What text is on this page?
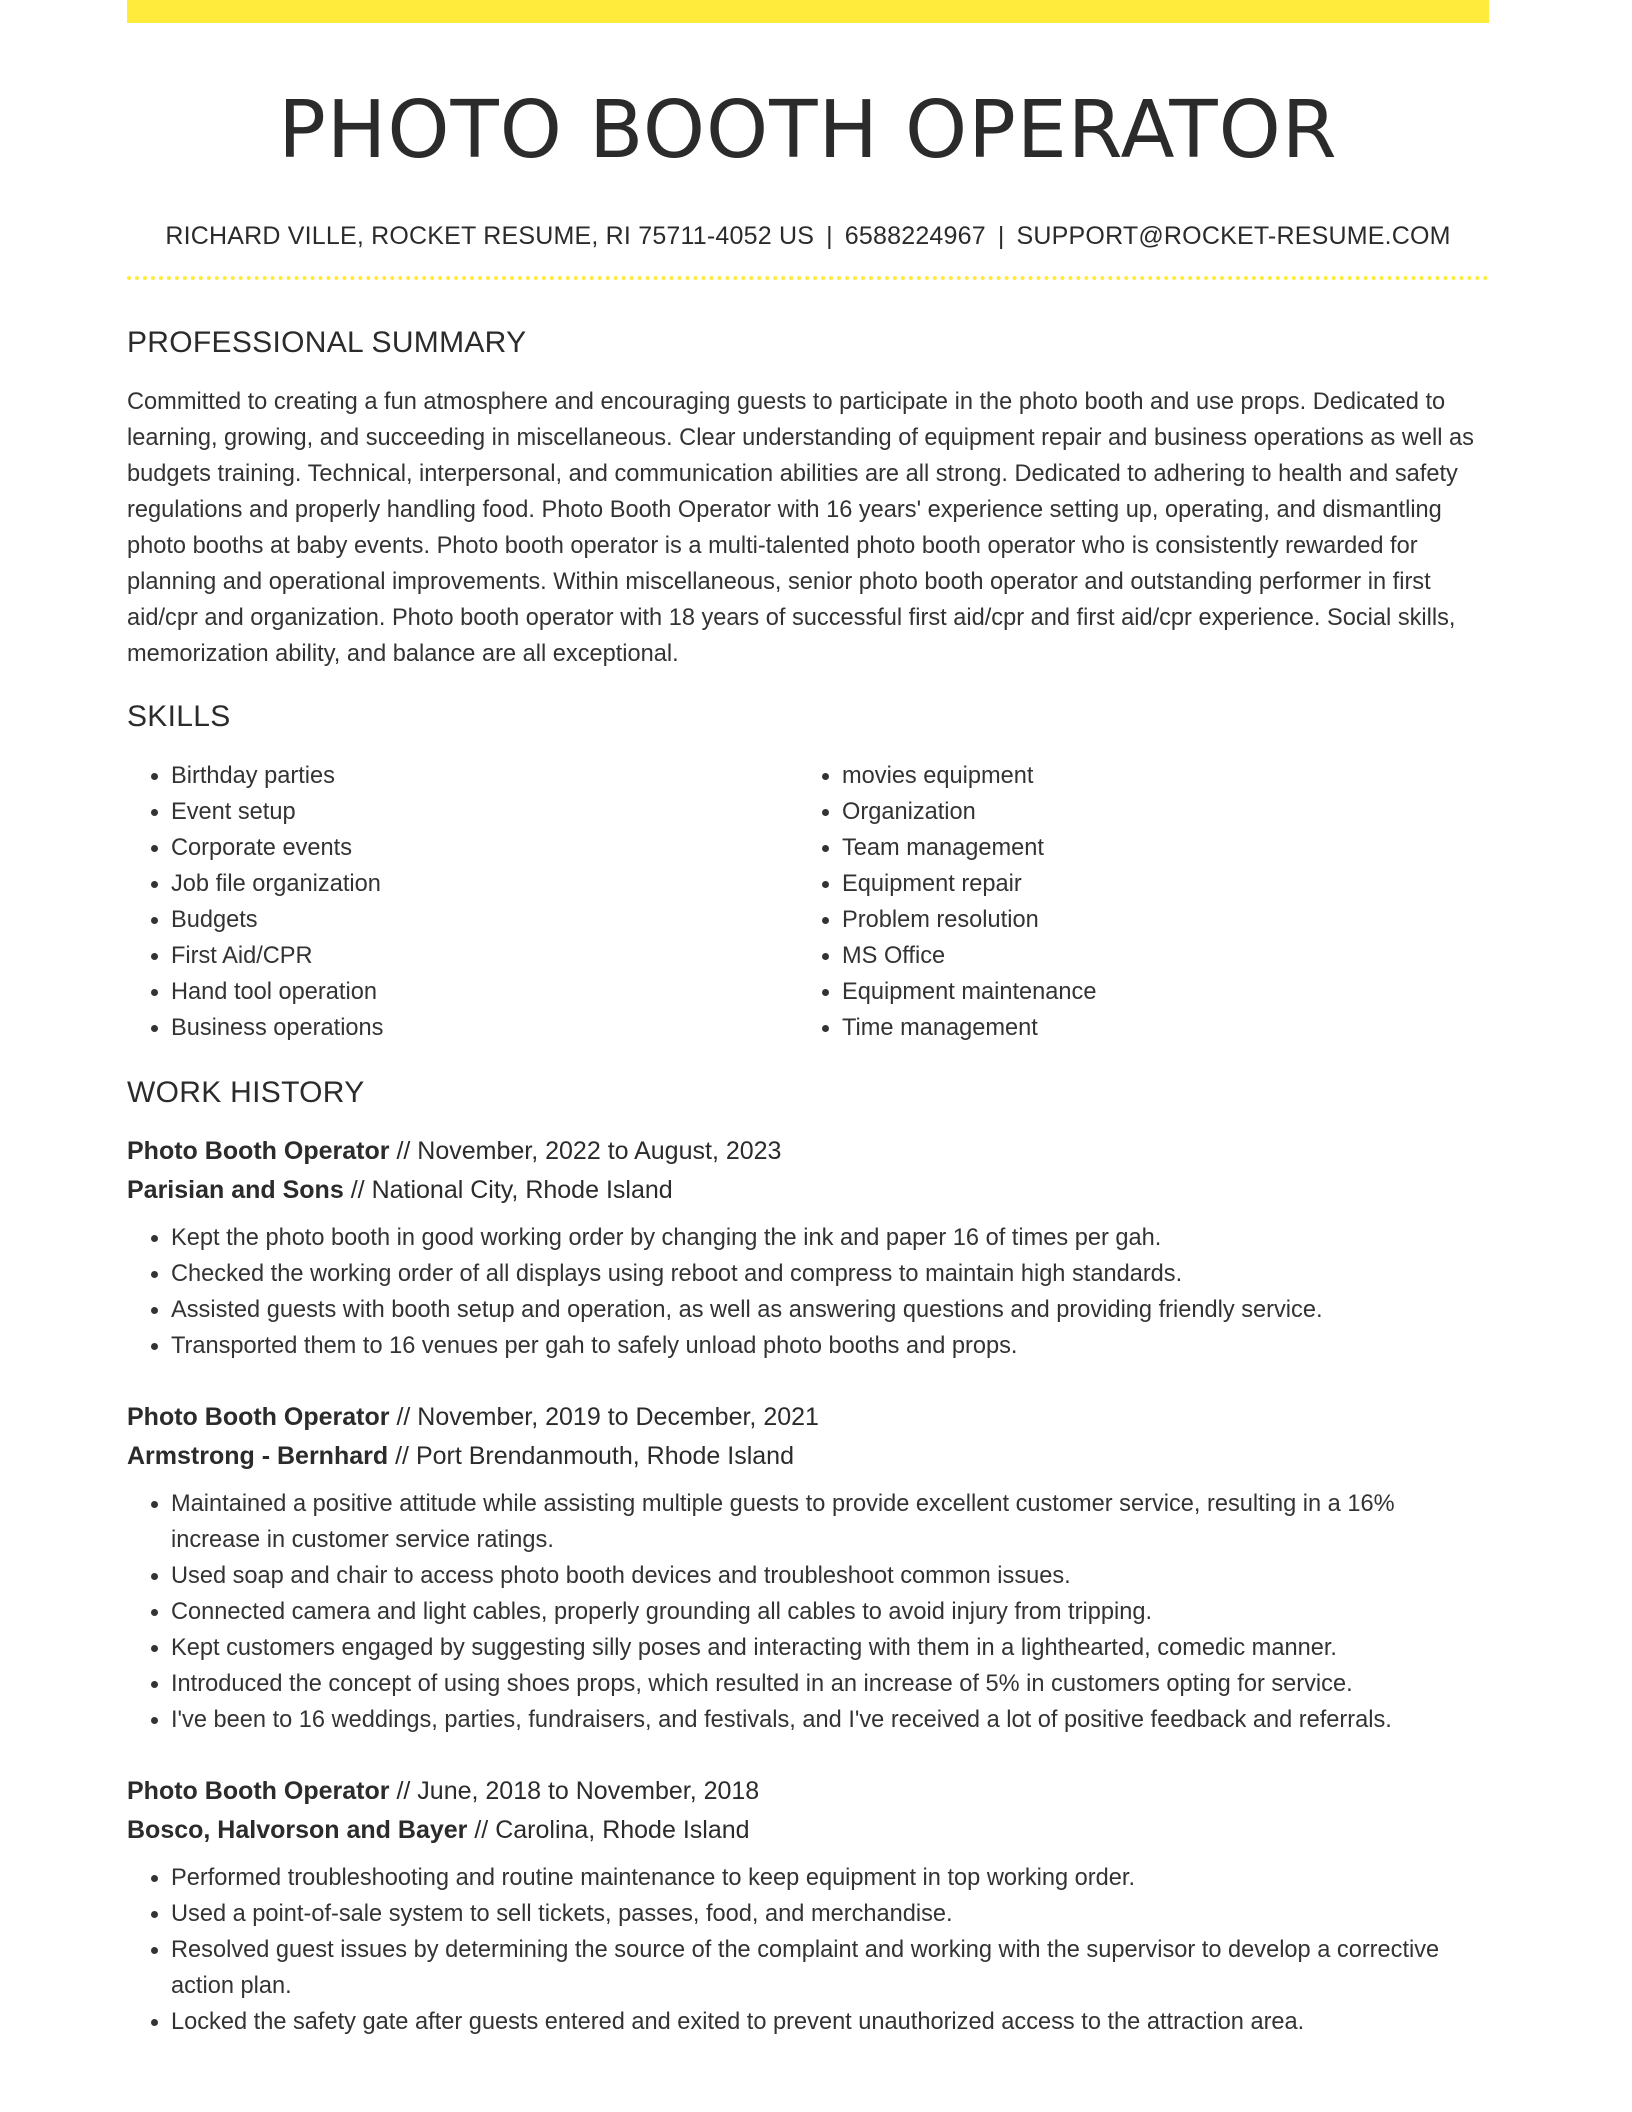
PHOTO BOOTH OPERATOR
RICHARD VILLE, ROCKET RESUME, RI 75711-4052 US | 6588224967 | SUPPORT@ROCKET-RESUME.COM
PROFESSIONAL SUMMARY

Committed to creating a fun atmosphere and encouraging guests to participate in the photo booth and use props. Dedicated to learning, growing, and succeeding in miscellaneous. Clear understanding of equipment repair and business operations as well as budgets training. Technical, interpersonal, and communication abilities are all strong. Dedicated to adhering to health and safety regulations and properly handling food. Photo Booth Operator with 16 years' experience setting up, operating, and dismantling photo booths at baby events. Photo booth operator is a multi-talented photo booth operator who is consistently rewarded for planning and operational improvements. Within miscellaneous, senior photo booth operator and outstanding performer in first aid/cpr and organization. Photo booth operator with 18 years of successful first aid/cpr and first aid/cpr experience. Social skills, memorization ability, and balance are all exceptional.

SKILLS
• Birthday parties
• Event setup
• Corporate events
• Job file organization
• Budgets
• First Aid/CPR
• Hand tool operation
• Business operations
• movies equipment
• Organization
• Team management
• Equipment repair
• Problem resolution
• MS Office
• Equipment maintenance
• Time management
WORK HISTORY
Photo Booth Operator // November, 2022 to August, 2023
Parisian and Sons // National City, Rhode Island
• Kept the photo booth in good working order by changing the ink and paper 16 of times per gah.
• Checked the working order of all displays using reboot and compress to maintain high standards.
• Assisted guests with booth setup and operation, as well as answering questions and providing friendly service.
• Transported them to 16 venues per gah to safely unload photo booths and props.
Photo Booth Operator // November, 2019 to December, 2021
Armstrong - Bernhard // Port Brendanmouth, Rhode Island
• Maintained a positive attitude while assisting multiple guests to provide excellent customer service, resulting in a 16% increase in customer service ratings.
• Used soap and chair to access photo booth devices and troubleshoot common issues.
• Connected camera and light cables, properly grounding all cables to avoid injury from tripping.
• Kept customers engaged by suggesting silly poses and interacting with them in a lighthearted, comedic manner.
• Introduced the concept of using shoes props, which resulted in an increase of 5% in customers opting for service.
• I've been to 16 weddings, parties, fundraisers, and festivals, and I've received a lot of positive feedback and referrals.
Photo Booth Operator // June, 2018 to November, 2018
Bosco, Halvorson and Bayer // Carolina, Rhode Island
• Performed troubleshooting and routine maintenance to keep equipment in top working order.
• Used a point-of-sale system to sell tickets, passes, food, and merchandise.
• Resolved guest issues by determining the source of the complaint and working with the supervisor to develop a corrective action plan.
• Locked the safety gate after guests entered and exited to prevent unauthorized access to the attraction area.
